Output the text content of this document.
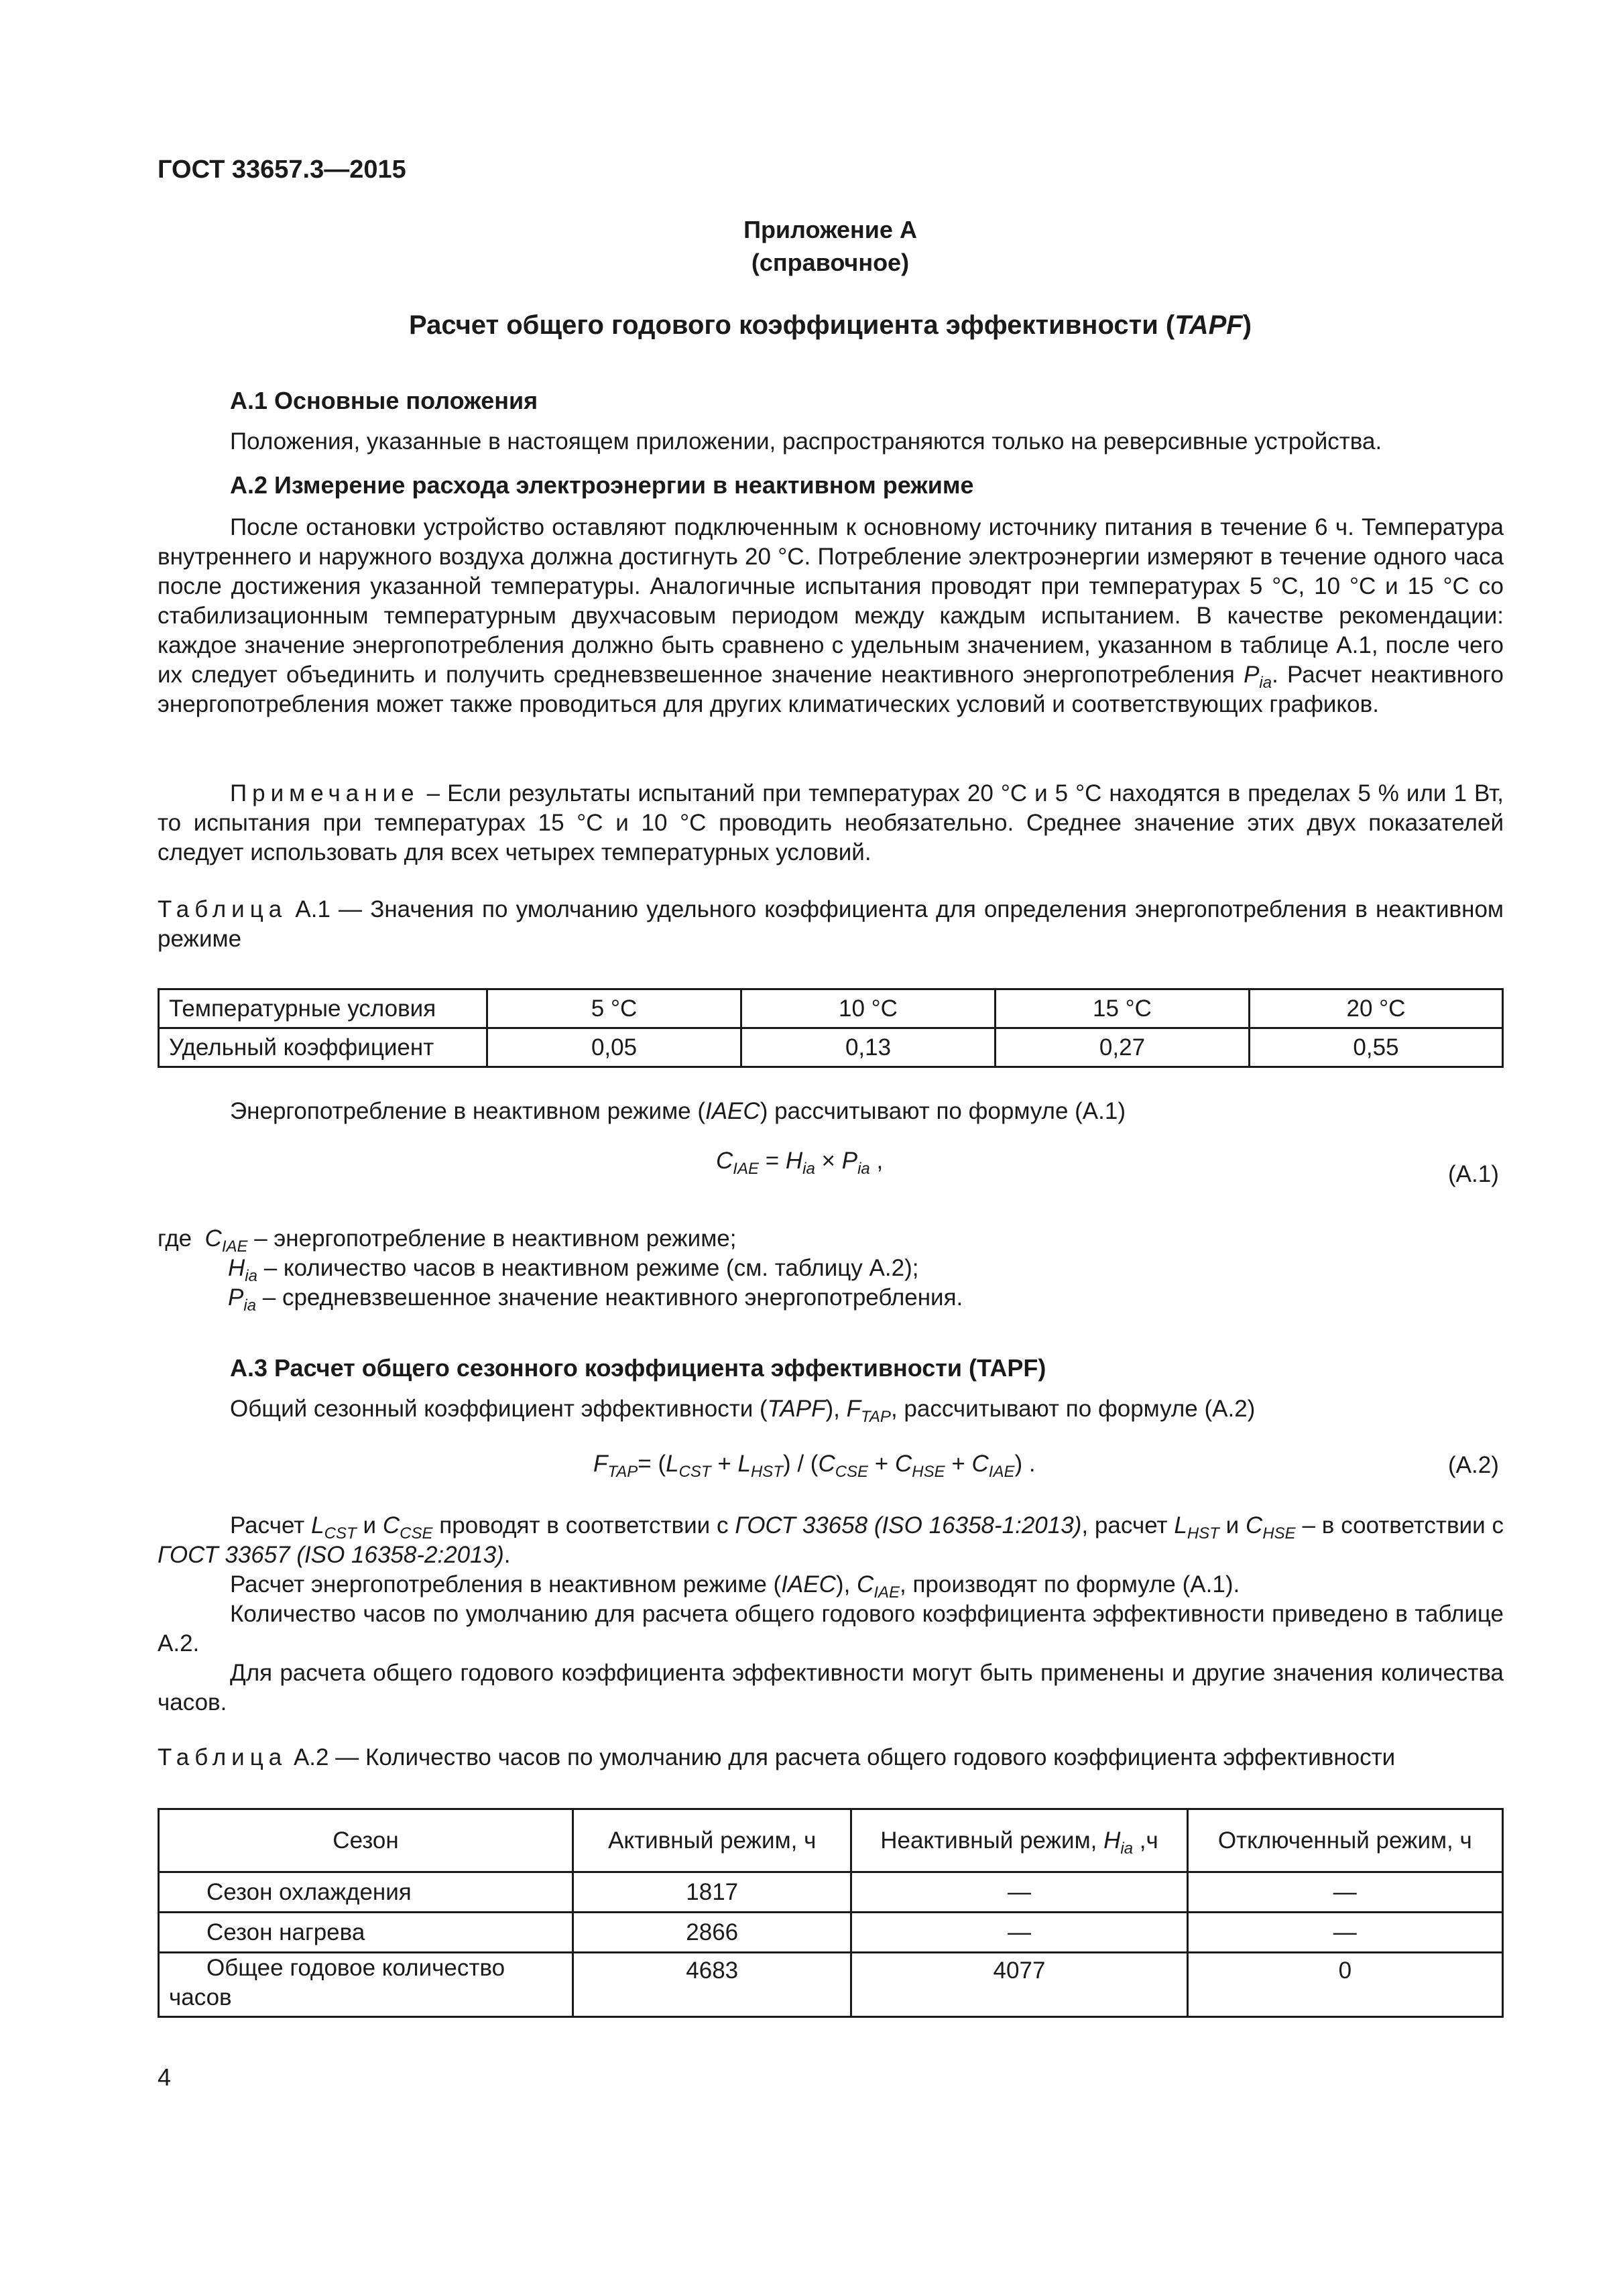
ГОСТ 33657.3—2015
Приложение А
(справочное)
Расчет общего годового коэффициента эффективности (TAPF)
А.1 Основные положения
Положения, указанные в настоящем приложении, распространяются только на реверсивные устройства.
А.2 Измерение расхода электроэнергии в неактивном режиме
После остановки устройство оставляют подключенным к основному источнику питания в течение 6 ч. Температура внутреннего и наружного воздуха должна достигнуть 20 °С. Потребление электроэнергии измеряют в течение одного часа после достижения указанной температуры. Аналогичные испытания проводят при температурах 5 °С, 10 °С и 15 °С со стабилизационным температурным двухчасовым периодом между каждым испытанием. В качестве рекомендации: каждое значение энергопотребления должно быть сравнено с удельным значением, указанном в таблице А.1, после чего их следует объединить и получить средневзвешенное значение неактивного энергопотребления $P_{ia}$. Расчет неактивного энергопотребления может также проводиться для других климатических условий и соответствующих графиков.
Примечание – Если результаты испытаний при температурах 20 °С и 5 °С находятся в пределах 5 % или 1 Вт, то испытания при температурах 15 °С и 10 °С проводить необязательно. Среднее значение этих двух показателей следует использовать для всех четырех температурных условий.
Таблица А.1 — Значения по умолчанию удельного коэффициента для определения энергопотребления в неактивном режиме
Температурные условия	5 °С	10 °С	15 °С	20 °С
Удельный коэффициент	0,05	0,13	0,27	0,55
Энергопотребление в неактивном режиме (IAEC) рассчитывают по формуле (А.1)
$C_{IAE} = H_{ia} \times P_{ia}$ ,
(А.1)
где $C_{IAE}$ – энергопотребление в неактивном режиме;
$H_{ia}$ – количество часов в неактивном режиме (см. таблицу А.2);
$P_{ia}$ – средневзвешенное значение неактивного энергопотребления.
А.3 Расчет общего сезонного коэффициента эффективности (TAPF)
Общий сезонный коэффициент эффективности (TAPF), $F_{TAP}$, рассчитывают по формуле (А.2)
$F_{TAP}= (L_{CST} + L_{HST}) / (C_{CSE} + C_{HSE} + C_{IAE})$ .	(А.2)
Расчет $L_{CST}$ и $C_{CSE}$ проводят в соответствии с ГОСТ 33658 (ISO 16358-1:2013), расчет $L_{HST}$ и $C_{HSE}$ – в соответствии с ГОСТ 33657 (ISO 16358-2:2013).
Расчет энергопотребления в неактивном режиме (IAEC), $C_{IAE}$, производят по формуле (А.1).
Количество часов по умолчанию для расчета общего годового коэффициента эффективности приведено в таблице А.2.
Для расчета общего годового коэффициента эффективности могут быть применены и другие значения количества часов.
Таблица А.2 — Количество часов по умолчанию для расчета общего годового коэффициента эффективности
Сезон	Активный режим, ч	Неактивный режим, $H_{ia}$ ,ч	Отключенный режим, ч
Сезон охлаждения	1817	—	—
Сезон нагрева	2866	—	—
Общее годовое количество часов	4683	4077	0
4
